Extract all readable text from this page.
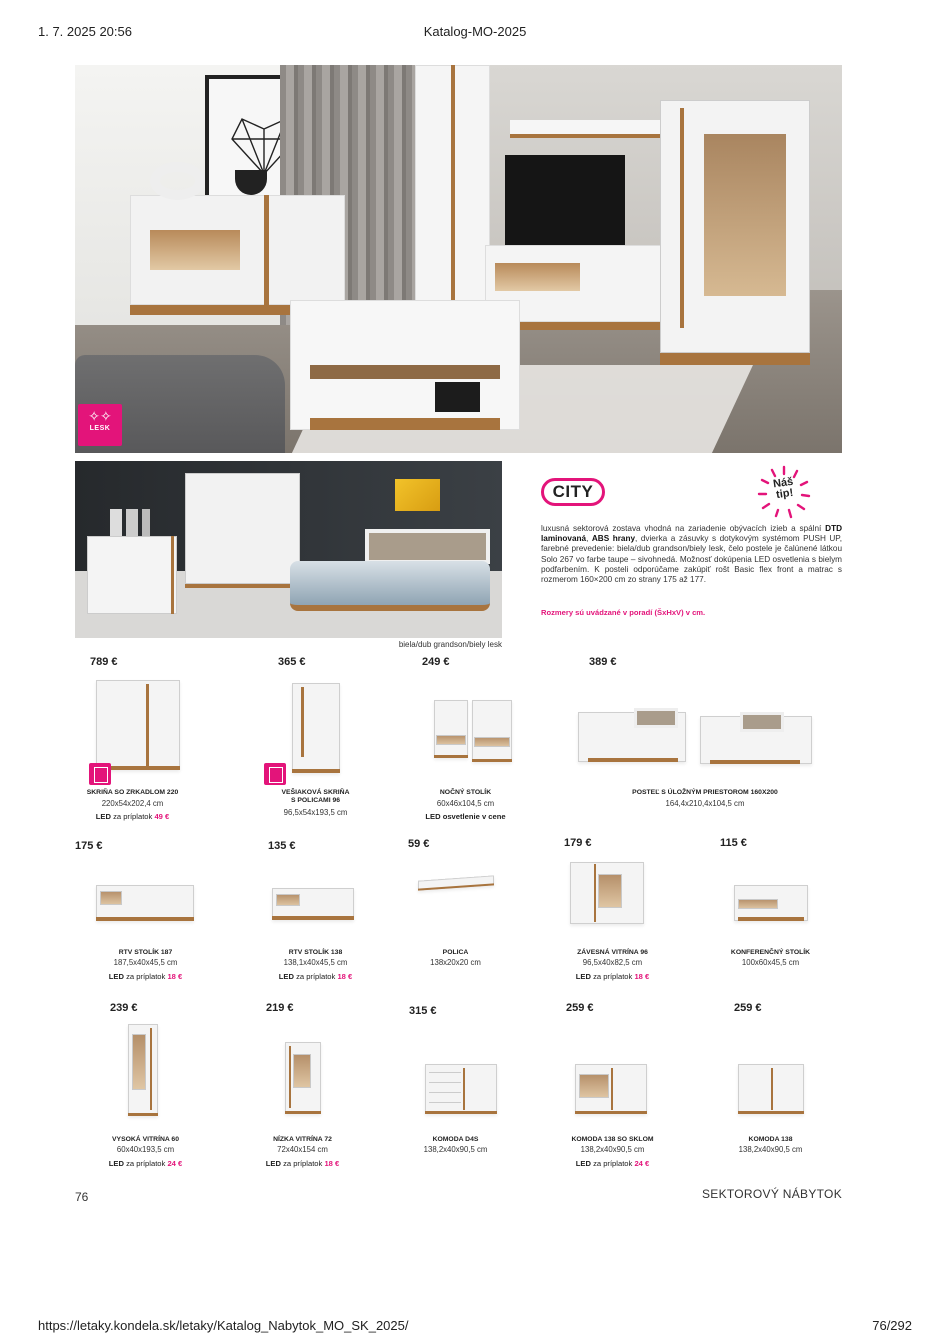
1. 7. 2025 20:56	Katalog-MO-2025
✧✧
LESK
biela/dub grandson/biely lesk
CITY	Náš tip!
luxusná sektorová zostava vhodná na zariadenie obývacích izieb a spální DTD laminovaná, ABS hrany, dvierka a zásuvky s dotykovým systémom PUSH UP, farebné prevedenie: biela/dub grandson/biely lesk, čelo postele je čalúnené látkou Solo 267 vo farbe taupe – sivohnedá. Možnosť dokúpenia LED osvetlenia s bielym podfarbením. K posteli odporúčame zakúpiť rošt Basic flex front a matrac s rozmerom 160×200 cm zo strany 175 až 177.
Rozmery sú uvádzané v poradí (ŠxHxV) v cm.
789 €
SKRIŇA SO ZRKADLOM 220
220x54x202,4 cm
LED za príplatok 49 €
365 €
VEŠIAKOVÁ SKRIŇA
S POLICAMI 96
96,5x54x193,5 cm
249 €
NOČNÝ STOLÍK
60x46x104,5 cm
LED osvetlenie v cene
389 €
POSTEĽ S ÚLOŽNÝM PRIESTOROM 160X200
164,4x210,4x104,5 cm
175 €
RTV STOLÍK 187
187,5x40x45,5 cm
LED za príplatok 18 €
135 €
RTV STOLÍK 138
138,1x40x45,5 cm
LED za príplatok 18 €
59 €
POLICA
138x20x20 cm
179 €
ZÁVESNÁ VITRÍNA 96
96,5x40x82,5 cm
LED za príplatok 18 €
115 €
KONFERENČNÝ STOLÍK
100x60x45,5 cm
239 €
VYSOKÁ VITRÍNA 60
60x40x193,5 cm
LED za príplatok 24 €
219 €
NÍZKA VITRÍNA 72
72x40x154 cm
LED za príplatok 18 €
315 €
KOMODA D4S
138,2x40x90,5 cm
259 €
KOMODA 138 SO SKLOM
138,2x40x90,5 cm
LED za príplatok 24 €
259 €
KOMODA 138
138,2x40x90,5 cm
76	SEKTOROVÝ NÁBYTOK
https://letaky.kondela.sk/letaky/Katalog_Nabytok_MO_SK_2025/	76/292
